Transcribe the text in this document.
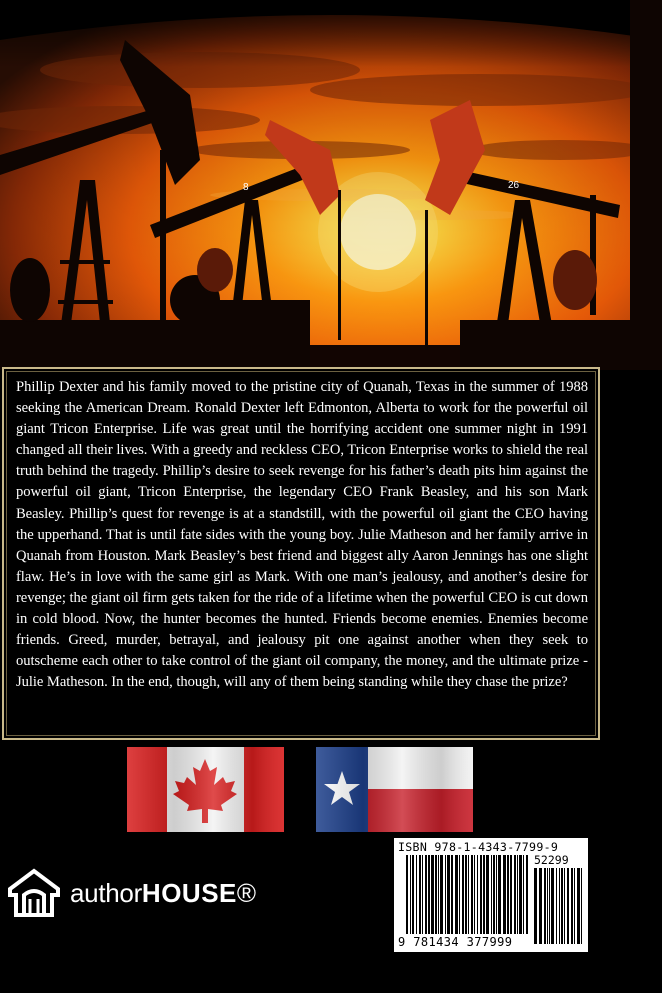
8	26

Phillip Dexter and his family moved to the pristine city of Quanah, Texas in the summer of 1988 seeking the American Dream. Ronald Dexter left Edmonton, Alberta to work for the powerful oil giant Tricon Enterprise. Life was great until the horrifying accident one summer night in 1991 changed all their lives. With a greedy and reckless CEO, Tricon Enterprise works to shield the real truth behind the tragedy. Phillip’s desire to seek revenge for his father’s death pits him against the powerful oil giant, Tricon Enterprise, the legendary CEO Frank Beasley, and his son Mark Beasley. Phillip’s quest for revenge is at a standstill, with the powerful oil giant the CEO having the upperhand. That is until fate sides with the young boy. Julie Matheson and her family arrive in Quanah from Houston. Mark Beasley’s best friend and biggest ally Aaron Jennings has one slight flaw. He’s in love with the same girl as Mark. With one man’s jealousy, and another’s desire for revenge; the giant oil firm gets taken for the ride of a lifetime when the powerful CEO is cut down in cold blood. Now, the hunter becomes the hunted. Friends become enemies. Enemies become friends. Greed, murder, betrayal, and jealousy pit one against another when they seek to outscheme each other to take control of the giant oil company, the money, and the ultimate prize - Julie Matheson. In the end, though, will any of them being standing while they chase the prize?

authorHOUSE®
ISBN 978-1-4343-7799-9
52299
9 781434 377999
